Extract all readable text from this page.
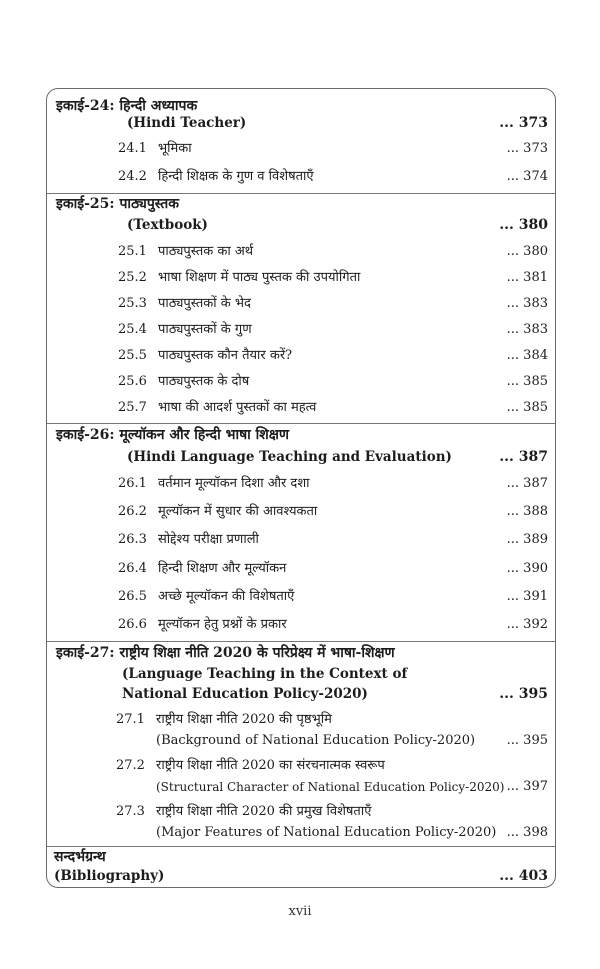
इकाई-24: हिन्दी अध्यापक
(Hindi Teacher)	... 373
24.1 भूमिका	... 373
24.2 हिन्दी शिक्षक के गुण व विशेषताएँ	... 374
इकाई-25: पाठ्यपुस्तक
(Textbook)	... 380
25.1 पाठ्यपुस्तक का अर्थ	... 380
25.2 भाषा शिक्षण में पाठ्य पुस्तक की उपयोगिता	... 381
25.3 पाठ्यपुस्तकों के भेद	... 383
25.4 पाठ्यपुस्तकों के गुण	... 383
25.5 पाठ्यपुस्तक कौन तैयार करें?	... 384
25.6 पाठ्यपुस्तक के दोष	... 385
25.7 भाषा की आदर्श पुस्तकों का महत्व	... 385
इकाई-26: मूल्यॉकन और हिन्दी भाषा शिक्षण
(Hindi Language Teaching and Evaluation)	... 387
26.1 वर्तमान मूल्यॉकन दिशा और दशा	... 387
26.2 मूल्यॉकन में सुधार की आवश्यकता	... 388
26.3 सोद्देश्य परीक्षा प्रणाली	... 389
26.4 हिन्दी शिक्षण और मूल्यॉकन	... 390
26.5 अच्छे मूल्यॉकन की विशेषताएँ	... 391
26.6 मूल्यॉकन हेतु प्रश्नों के प्रकार	... 392
इकाई-27: राष्ट्रीय शिक्षा नीति 2020 के परिप्रेक्ष्य में भाषा-शिक्षण
(Language Teaching in the Context of
National Education Policy-2020)	... 395
27.1 राष्ट्रीय शिक्षा नीति 2020 की पृष्ठभूमि
(Background of National Education Policy-2020) ... 395
27.2 राष्ट्रीय शिक्षा नीति 2020 का संरचनात्मक स्वरूप
(Structural Character of National Education Policy-2020) ... 397
27.3 राष्ट्रीय शिक्षा नीति 2020 की प्रमुख विशेषताएँ
(Major Features of National Education Policy-2020) ... 398
सन्दर्भग्रन्थ
(Bibliography)	... 403
xvii
